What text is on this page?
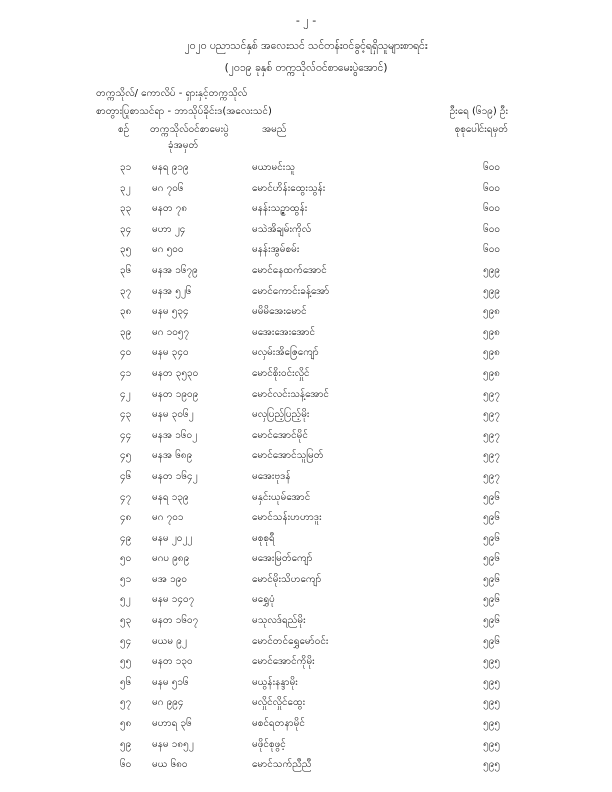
- ၂ -
၂၀၂၀ ပညာသင်နှစ် အလေးသင် သင်တန်းဝင်ခွင့်ရရှိသူများစာရင်း
(၂၀၁၉ ခုနှစ် တက္ကသိုလ်ဝင်စာမေးပွဲအောင်)
တက္ကသိုလ်/ ကောလိပ် - ရှားနှင့်တက္ကသိုလ်
စာတွားပြုစာသင်ရာ - ဘာသိုပ်ခိုင်းဒ(အလေးသင်)	ဦးရေ (၆၁၉) ဦး
စဉ် တက္ကသိုလ်ဝင်စာမေးပွဲ
ခုံအမှတ်
အမည်	စုစုပေါင်းရမှတ်
၃၁ မနရ ၉၁၉	မယာမင်းသူ	၆၀၀
၃၂ မဂ ၇၀၆	မောင်ဟိန်းထွေးသွန်း	၆၀၀
၃၃ မနတ ၇၈	မနန်းသဉ္ဇာထွန်း	၆၀၀
၃၄ မဟာ ၂၄	မသဲအိချမ်းကိုလ်	၆၀၀
၃၅ မဂ ၅၀၀	မနန်းအွမ်စမ်း	၆၀၀
၃၆ မနအ ၁၆၇၉	မောင်နေထက်အောင်	၅၉၉
၃၇ မနအ ၅၂၆	မောင်ကောင်းခန့်အော်	၅၉၉
၃၈ မနမ ၅၃၄	မမိမိအေးမောင်	၅၉၈
၃၉ မဂ ၁၀၅၇	မအေးအေးအောင်	၅၉၈
၄၀ မနမ ၃၄၀	မလှမ်းအိဇြေကျော်	၅၉၈
၄၁ မနတ ၃၅၃၀	မောင်စိုးဝင်းလှိုင်	၅၉၈
၄၂ မနတ ၁၉၀၉	မောင်လင်းသန့်အောင်	၅၉၇
၄၃ မနမ ၃၀၆၂	မလှပြည့်ပြည့်မိုး	၅၉၇
၄၄ မနအ ၁၆၀၂	မောင်အောင်မိုင်	၅၉၇
၄၅ မနအ ၆၈၉	မောင်အောင်သူမြတ်	၅၉၇
၄၆ မနတ ၁၆၄၂	မအေးဗုဒန်	၅၉၇
၄၇ မနရ ၁၃၉	မနှင်းယုမ်အောင်	၅၉၆
၄၈ မဂ ၇၀၁	မောင်သန်းဟဟာဒူး	၅၉၆
၄၉ မနမ ၂၀၂၂	မစုစုရီ	၅၉၆
၅၀ မဂပ ၉၈၉	မအေးမြတ်ကျော်	၅၉၆
၅၁ မအ ၁၉၀	မောင်မိုးသိဟကျော်	၅၉၆
၅၂ မနမ ၁၄၀၇	မရွှေပုံ	၅၉၆
၅၃ မနတ ၁၆၀၇	မသုလဒ်ရည်မိုး	၅၉၆
၅၄ မယမ ၉၂	မောင်တင်ရွှေမော်ဝင်း	၅၉၆
၅၅ မနတ ၁၃၀	မောင်အောင်ကိုမိုး	၅၉၅
၅၆ မနမ ၅၁၆	မယွန်းနန္ဒာမိုး	၅၉၅
၅၇ မဂ ၉၉၄	မလှိုင်လှိုင်ထွေး	၅၉၅
၅၈ မဟာရ ၃၆	မစင်ရတနာမိုင်	၅၉၅
၅၉ မနမ ၁၈၅၂	မဖိုင်စုဖွင့်	၅၉၅
၆၀ မယ ၆၈၀	မောင်သက်ညီညီ	၅၉၅
